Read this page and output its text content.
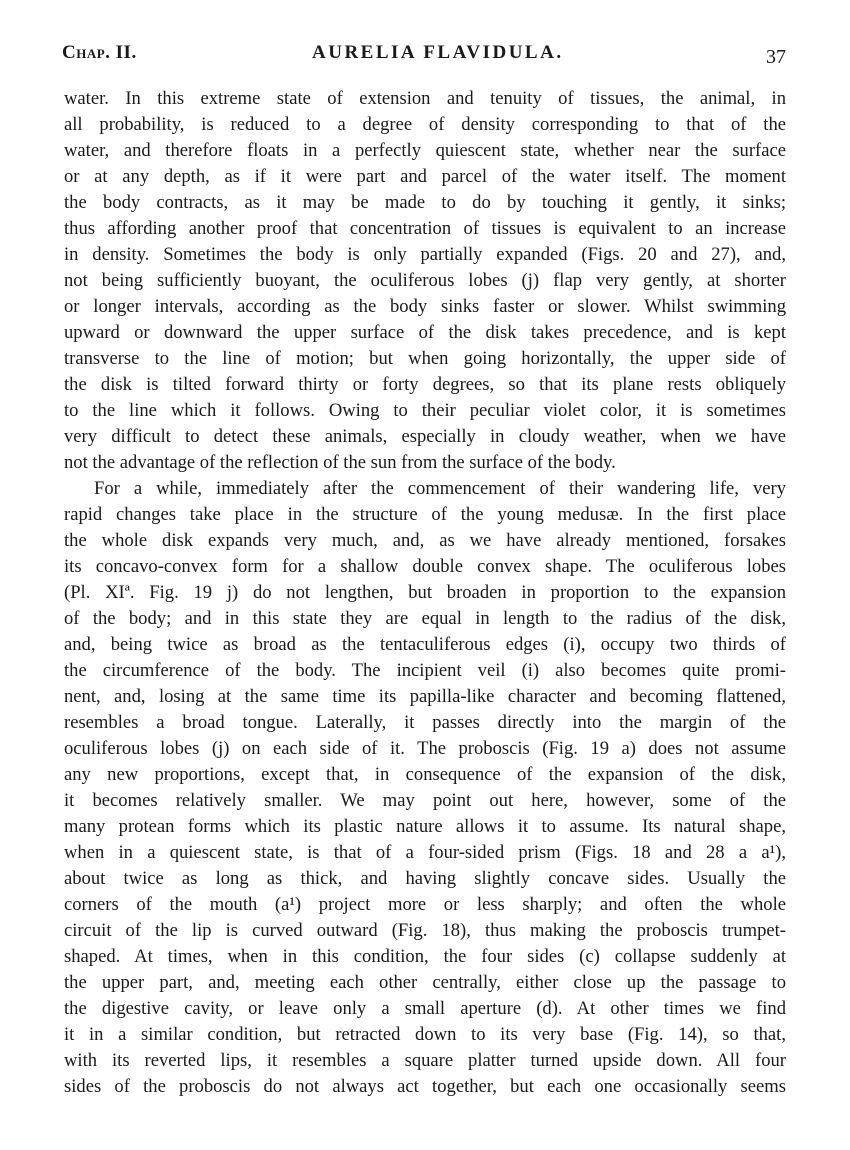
Chap. II.	AURELIA FLAVIDULA.	37
water. In this extreme state of extension and tenuity of tissues, the animal, in
all probability, is reduced to a degree of density corresponding to that of the
water, and therefore floats in a perfectly quiescent state, whether near the surface
or at any depth, as if it were part and parcel of the water itself. The moment
the body contracts, as it may be made to do by touching it gently, it sinks;
thus affording another proof that concentration of tissues is equivalent to an increase
in density. Sometimes the body is only partially expanded (Figs. 20 and 27), and,
not being sufficiently buoyant, the oculiferous lobes (j) flap very gently, at shorter
or longer intervals, according as the body sinks faster or slower. Whilst swimming
upward or downward the upper surface of the disk takes precedence, and is kept
transverse to the line of motion; but when going horizontally, the upper side of
the disk is tilted forward thirty or forty degrees, so that its plane rests obliquely
to the line which it follows. Owing to their peculiar violet color, it is sometimes
very difficult to detect these animals, especially in cloudy weather, when we have
not the advantage of the reflection of the sun from the surface of the body.
For a while, immediately after the commencement of their wandering life, very
rapid changes take place in the structure of the young medusæ. In the first place
the whole disk expands very much, and, as we have already mentioned, forsakes
its concavo-convex form for a shallow double convex shape. The oculiferous lobes
(Pl. XIª. Fig. 19 j) do not lengthen, but broaden in proportion to the expansion
of the body; and in this state they are equal in length to the radius of the disk,
and, being twice as broad as the tentaculiferous edges (i), occupy two thirds of
the circumference of the body. The incipient veil (i) also becomes quite promi-
nent, and, losing at the same time its papilla-like character and becoming flattened,
resembles a broad tongue. Laterally, it passes directly into the margin of the
oculiferous lobes (j) on each side of it. The proboscis (Fig. 19 a) does not assume
any new proportions, except that, in consequence of the expansion of the disk,
it becomes relatively smaller. We may point out here, however, some of the
many protean forms which its plastic nature allows it to assume. Its natural shape,
when in a quiescent state, is that of a four-sided prism (Figs. 18 and 28 a a¹),
about twice as long as thick, and having slightly concave sides. Usually the
corners of the mouth (a¹) project more or less sharply; and often the whole
circuit of the lip is curved outward (Fig. 18), thus making the proboscis trumpet-
shaped. At times, when in this condition, the four sides (c) collapse suddenly at
the upper part, and, meeting each other centrally, either close up the passage to
the digestive cavity, or leave only a small aperture (d). At other times we find
it in a similar condition, but retracted down to its very base (Fig. 14), so that,
with its reverted lips, it resembles a square platter turned upside down. All four
sides of the proboscis do not always act together, but each one occasionally seems
